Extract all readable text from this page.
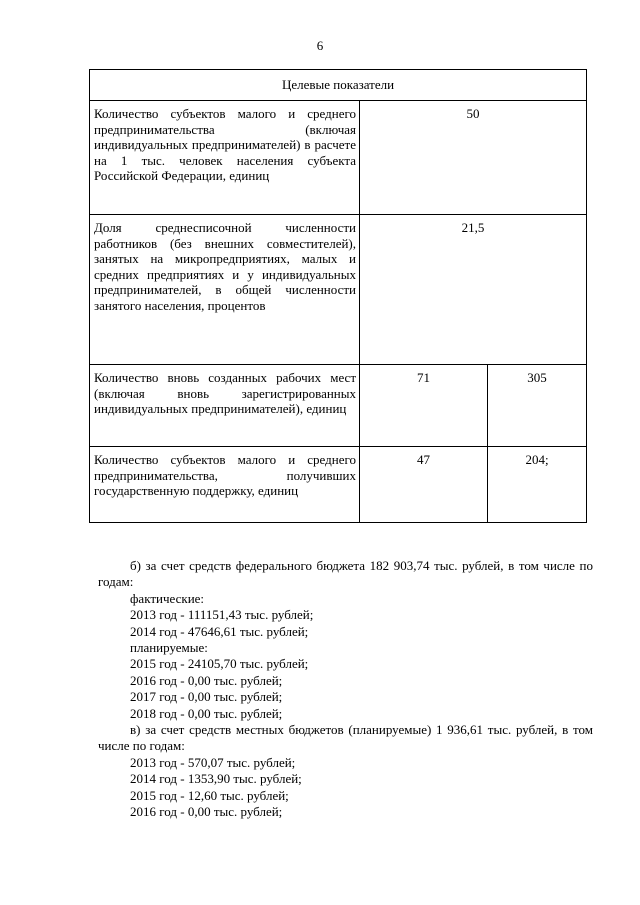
6
Целевые показатели		
Количество субъектов малого и среднего предпринимательства (включая индивидуальных предпринимателей) в расчете на 1 тыс. человек населения субъекта Российской Федерации, единиц	50	
Доля среднесписочной численности работников (без внешних совместителей), занятых на микропредприятиях, малых и средних предприятиях и у индивидуальных предпринимателей, в общей численности занятого населения, процентов	21,5	
Количество вновь созданных рабочих мест (включая вновь зарегистрированных индивидуальных предпринимателей), единиц	71	305
Количество субъектов малого и среднего предпринимательства, получивших государственную поддержку, единиц	47	204;

б) за счет средств федерального бюджета 182 903,74 тыс. рублей, в том числе по годам:

фактические:

2013 год - 111151,43 тыс. рублей;

2014 год - 47646,61 тыс. рублей;

планируемые:

2015 год - 24105,70 тыс. рублей;

2016 год - 0,00 тыс. рублей;

2017 год - 0,00 тыс. рублей;

2018 год - 0,00 тыс. рублей;

в) за счет средств местных бюджетов (планируемые) 1 936,61 тыс. рублей, в том числе по годам:

2013 год - 570,07 тыс. рублей;

2014 год - 1353,90 тыс. рублей;

2015 год - 12,60 тыс. рублей;

2016 год - 0,00 тыс. рублей;
